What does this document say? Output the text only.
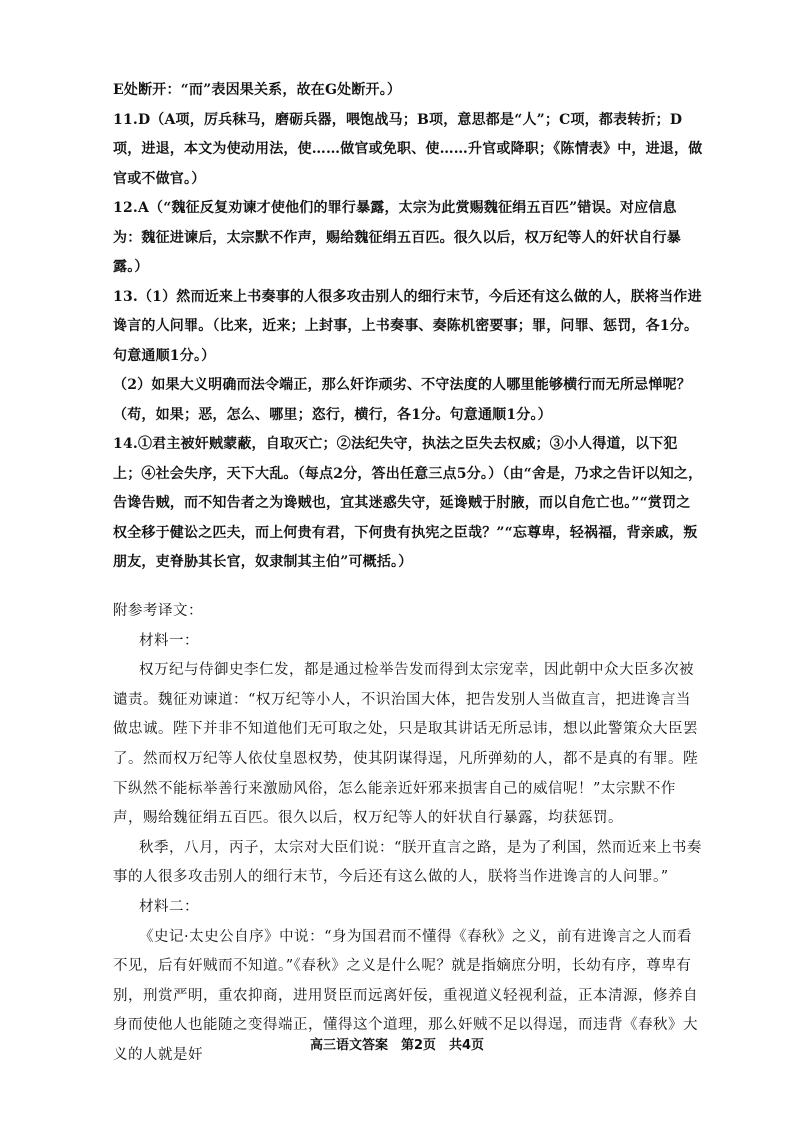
E处断开：“而”表因果关系，故在G处断开。）

11.D（A项，厉兵秣马，磨砺兵器，喂饱战马；B项，意思都是“人”；C项，都表转折；D项，进退，本文为使动用法，使……做官或免职、使……升官或降职；《陈情表》中，进退，做官或不做官。）

12.A（“魏征反复劝谏才使他们的罪行暴露，太宗为此赏赐魏征绢五百匹”错误。对应信息为：魏征进谏后，太宗默不作声，赐给魏征绢五百匹。很久以后，权万纪等人的奸状自行暴露。）

13.（1）然而近来上书奏事的人很多攻击别人的细行末节，今后还有这么做的人，朕将当作进谗言的人问罪。（比来，近来；上封事，上书奏事、奏陈机密要事；罪，问罪、惩罚，各1分。句意通顺1分。）

（2）如果大义明确而法令端正，那么奸诈顽劣、不守法度的人哪里能够横行而无所忌惮呢？（苟，如果；恶，怎么、哪里；恣行，横行，各1分。句意通顺1分。）

14.①君主被奸贼蒙蔽，自取灭亡；②法纪失守，执法之臣失去权威；③小人得道，以下犯上；④社会失序，天下大乱。（每点2分，答出任意三点5分。）（由“舍是，乃求之告讦以知之，告谗告贼，而不知告者之为谗贼也，宜其迷惑失守，延谗贼于肘腋，而以自危亡也。”“赏罚之权全移于健讼之匹夫，而上何贵有君，下何贵有执宪之臣哉？”“忘尊卑，轻祸福，背亲戚，叛朋友，吏脊胁其长官，奴隶制其主伯”可概括。）

附参考译文：

材料一：

权万纪与侍御史李仁发，都是通过检举告发而得到太宗宠幸，因此朝中众大臣多次被谴责。魏征劝谏道：“权万纪等小人，不识治国大体，把告发别人当做直言，把进谗言当做忠诚。陛下并非不知道他们无可取之处，只是取其讲话无所忌讳，想以此警策众大臣罢了。然而权万纪等人依仗皇恩权势，使其阴谋得逞，凡所弹劾的人，都不是真的有罪。陛下纵然不能标举善行来激励风俗，怎么能亲近奸邪来损害自己的威信呢！”太宗默不作声，赐给魏征绢五百匹。很久以后，权万纪等人的奸状自行暴露，均获惩罚。

秋季，八月，丙子，太宗对大臣们说：“朕开直言之路，是为了利国，然而近来上书奏事的人很多攻击别人的细行末节，今后还有这么做的人，朕将当作进谗言的人问罪。”

材料二：

《史记·太史公自序》中说：“身为国君而不懂得《春秋》之义，前有进谗言之人而看不见，后有奸贼而不知道。”《春秋》之义是什么呢？就是指嫡庶分明，长幼有序，尊卑有别，刑赏严明，重农抑商，进用贤臣而远离奸佞，重视道义轻视利益，正本清源，修养自身而使他人也能随之变得端正，懂得这个道理，那么奸贼不足以得逞，而违背《春秋》大义的人就是奸

高三语文答案　第2页　共4页
